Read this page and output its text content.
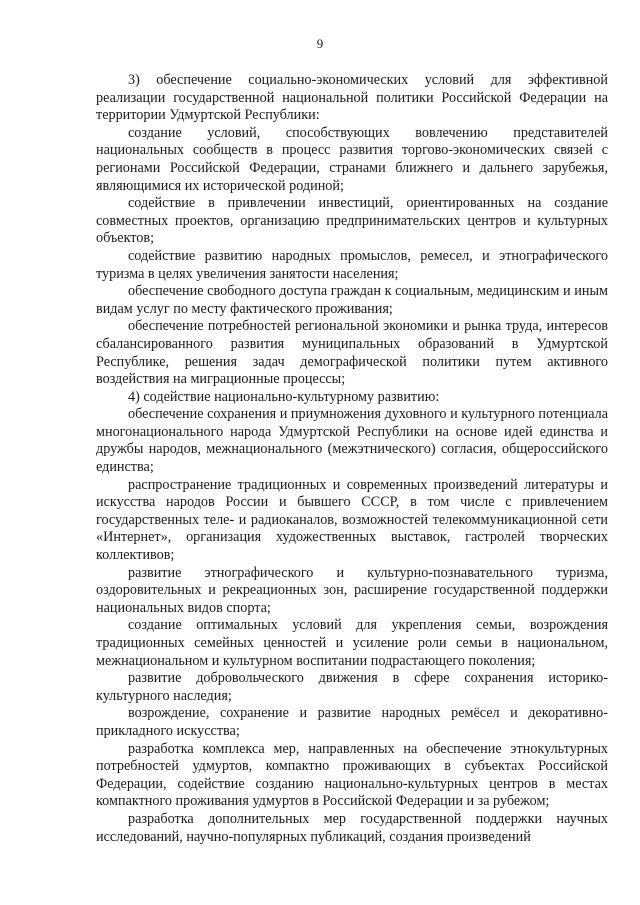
9

3) обеспечение социально-экономических условий для эффективной реализации государственной национальной политики Российской Федерации на территории Удмуртской Республики:

создание условий, способствующих вовлечению представителей национальных сообществ в процесс развития торгово-экономических связей с регионами Российской Федерации, странами ближнего и дальнего зарубежья, являющимися их исторической родиной;

содействие в привлечении инвестиций, ориентированных на создание совместных проектов, организацию предпринимательских центров и культурных объектов;

содействие развитию народных промыслов, ремесел, и этнографического туризма в целях увеличения занятости населения;

обеспечение свободного доступа граждан к социальным, медицинским и иным видам услуг по месту фактического проживания;

обеспечение потребностей региональной экономики и рынка труда, интересов сбалансированного развития муниципальных образований в Удмуртской Республике, решения задач демографической политики путем активного воздействия на миграционные процессы;

4) содействие национально-культурному развитию:

обеспечение сохранения и приумножения духовного и культурного потенциала многонационального народа Удмуртской Республики на основе идей единства и дружбы народов, межнационального (межэтнического) согласия, общероссийского единства;

распространение традиционных и современных произведений литературы и искусства народов России и бывшего СССР, в том числе с привлечением государственных теле- и радиоканалов, возможностей телекоммуникационной сети «Интернет», организация художественных выставок, гастролей творческих коллективов;

развитие этнографического и культурно-познавательного туризма, оздоровительных и рекреационных зон, расширение государственной поддержки национальных видов спорта;

создание оптимальных условий для укрепления семьи, возрождения традиционных семейных ценностей и усиление роли семьи в национальном, межнациональном и культурном воспитании подрастающего поколения;

развитие добровольческого движения в сфере сохранения историко-культурного наследия;

возрождение, сохранение и развитие народных ремёсел и декоративно-прикладного искусства;

разработка комплекса мер, направленных на обеспечение этнокультурных потребностей удмуртов, компактно проживающих в субъектах Российской Федерации, содействие созданию национально-культурных центров в местах компактного проживания удмуртов в Российской Федерации и за рубежом;

разработка дополнительных мер государственной поддержки научных исследований, научно-популярных публикаций, создания произведений
